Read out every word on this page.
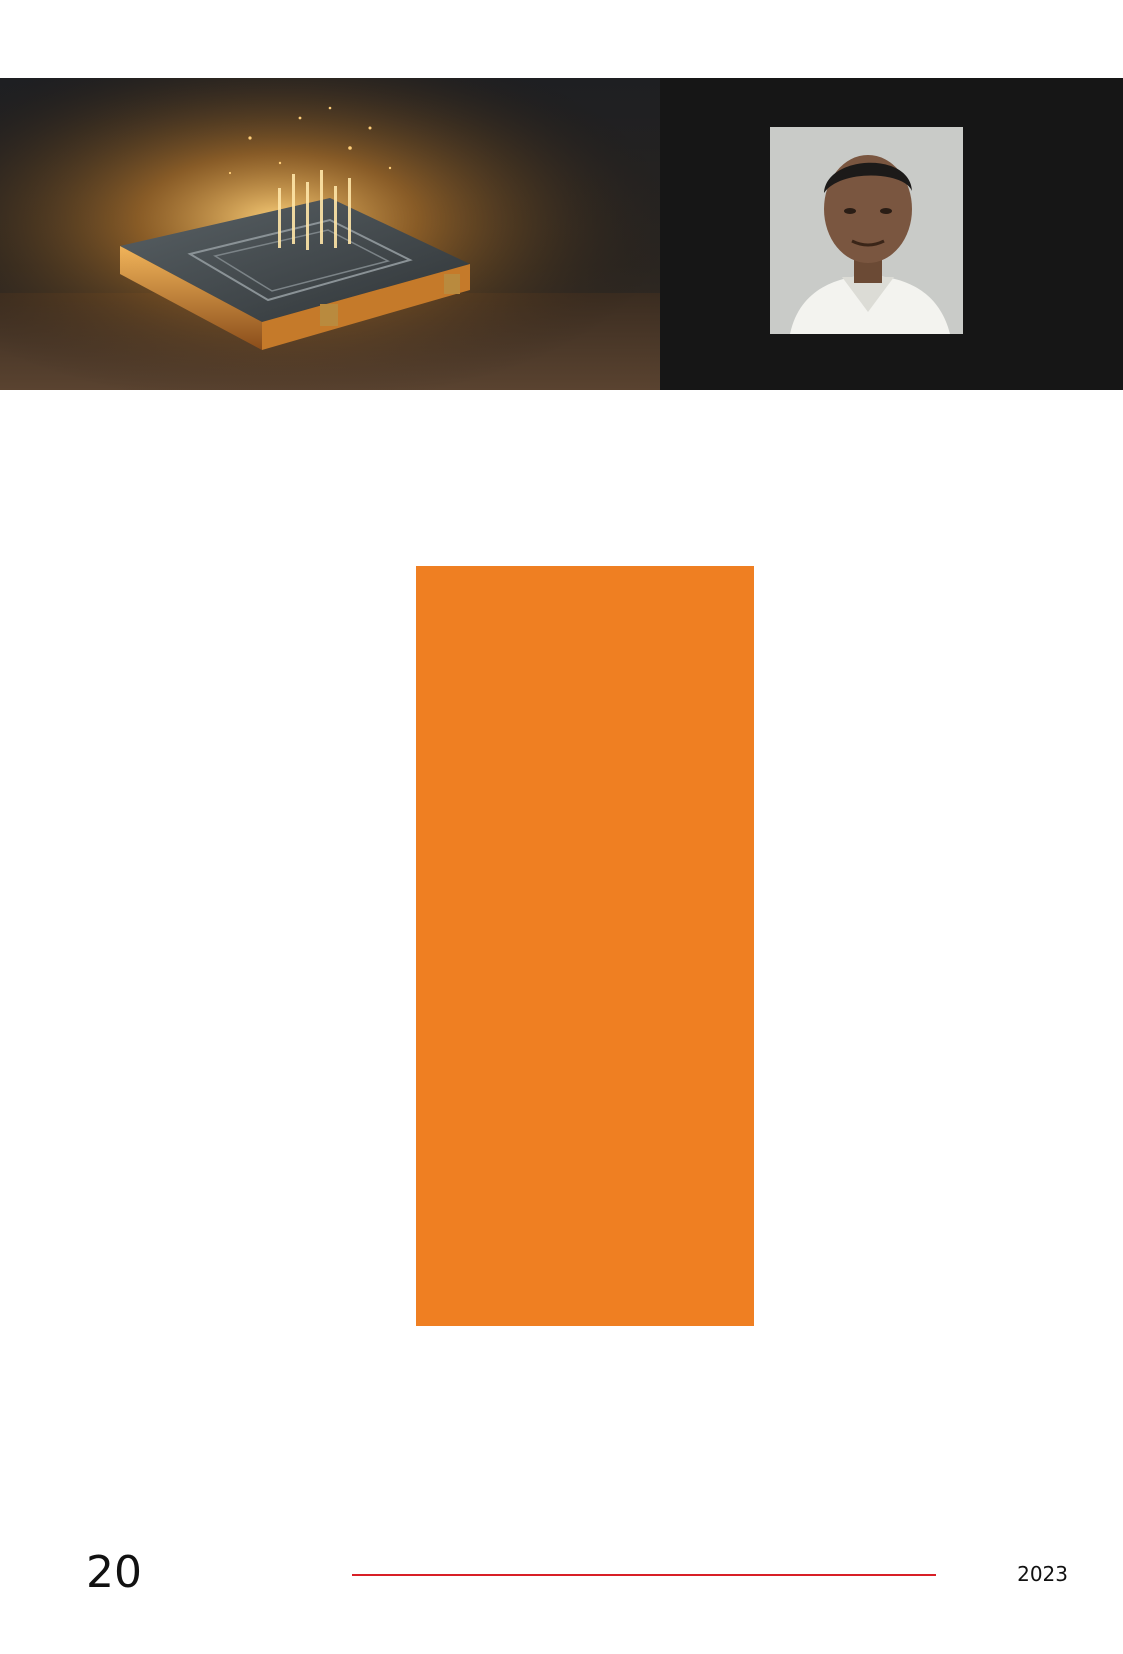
20	2023
